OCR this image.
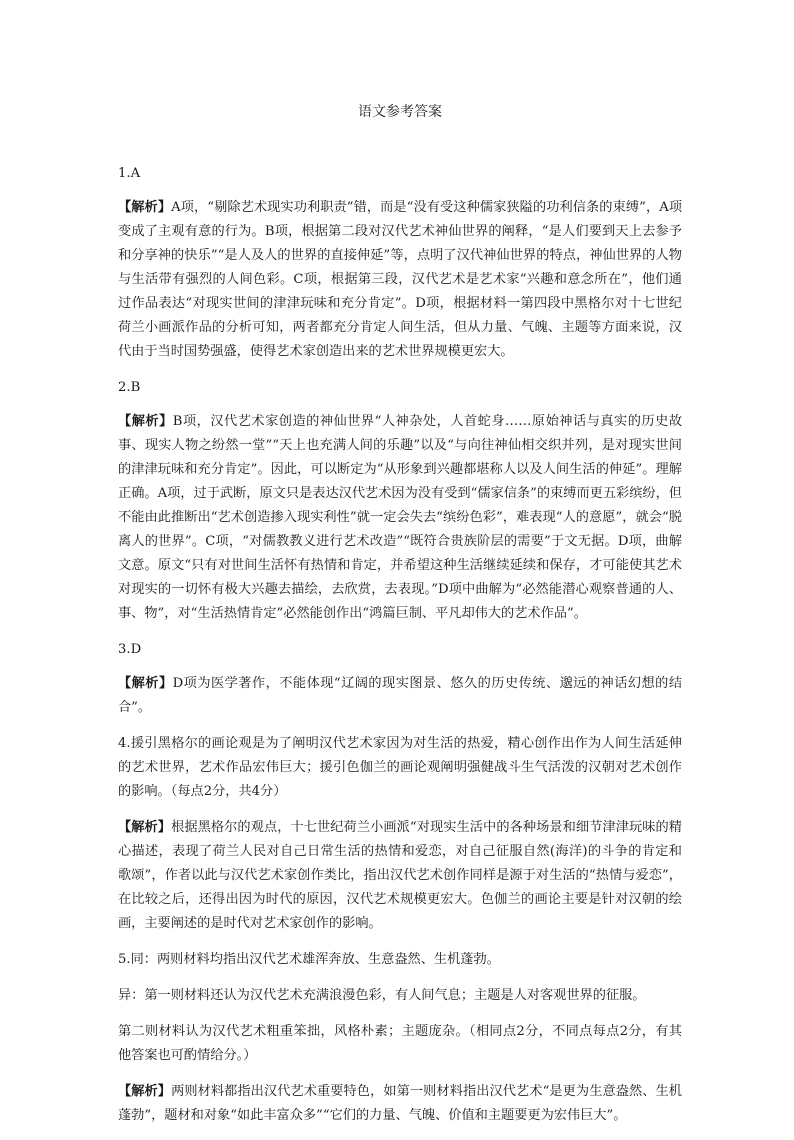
语文参考答案
1.A
【解析】A项，“剔除艺术现实功利职责”错，而是“没有受这种儒家狭隘的功利信条的束缚”，A项变成了主观有意的行为。B项，根据第二段对汉代艺术神仙世界的阐释，“是人们要到天上去参予和分享神的快乐”“是人及人的世界的直接伸延”等，点明了汉代神仙世界的特点，神仙世界的人物与生活带有强烈的人间色彩。C项，根据第三段，汉代艺术是艺术家“兴趣和意念所在”，他们通过作品表达“对现实世间的津津玩味和充分肯定”。D项，根据材料一第四段中黑格尔对十七世纪荷兰小画派作品的分析可知，两者都充分肯定人间生活，但从力量、气魄、主题等方面来说，汉代由于当时国势强盛，使得艺术家创造出来的艺术世界规模更宏大。
2.B
【解析】B项，汉代艺术家创造的神仙世界“人神杂处，人首蛇身……原始神话与真实的历史故事、现实人物之纷然一堂”“天上也充满人间的乐趣”以及“与向往神仙相交织并列，是对现实世间的津津玩味和充分肯定”。因此，可以断定为“从形象到兴趣都堪称人以及人间生活的伸延”。理解正确。A项，过于武断，原文只是表达汉代艺术因为没有受到“儒家信条”的束缚而更五彩缤纷，但不能由此推断出“艺术创造掺入现实利性”就一定会失去“缤纷色彩”，难表现“人的意愿”，就会“脱离人的世界”。C项，“对儒教教义进行艺术改造”“既符合贵族阶层的需要”于文无据。D项，曲解文意。原文“只有对世间生活怀有热情和肯定，并希望这种生活继续延续和保存，才可能使其艺术对现实的一切怀有极大兴趣去描绘，去欣赏，去表现。”D项中曲解为“必然能潜心观察普通的人、事、物”，对“生活热情肯定”必然能创作出“鸿篇巨制、平凡却伟大的艺术作品”。
3.D
【解析】D项为医学著作，不能体现“辽阔的现实图景、悠久的历史传统、邈远的神话幻想的结合”。
4.援引黑格尔的画论观是为了阐明汉代艺术家因为对生活的热爱，精心创作出作为人间生活延伸的艺术世界，艺术作品宏伟巨大；援引色伽兰的画论观阐明强健战斗生气活泼的汉朝对艺术创作的影响。（每点2分，共4分）
【解析】根据黑格尔的观点，十七世纪荷兰小画派“对现实生活中的各种场景和细节津津玩味的精心描述，表现了荷兰人民对自己日常生活的热情和爱恋，对自己征服自然(海洋)的斗争的肯定和歌颂”，作者以此与汉代艺术家创作类比，指出汉代艺术创作同样是源于对生活的“热情与爱恋”，在比较之后，还得出因为时代的原因，汉代艺术规模更宏大。色伽兰的画论主要是针对汉朝的绘画，主要阐述的是时代对艺术家创作的影响。
5.同：两则材料均指出汉代艺术雄浑奔放、生意盎然、生机蓬勃。
异：第一则材料还认为汉代艺术充满浪漫色彩，有人间气息；主题是人对客观世界的征服。
第二则材料认为汉代艺术粗重笨拙，风格朴素；主题庞杂。（相同点2分，不同点每点2分，有其他答案也可酌情给分。）
【解析】两则材料都指出汉代艺术重要特色，如第一则材料指出汉代艺术“是更为生意盎然、生机蓬勃”，题材和对象“如此丰富众多”“它们的力量、气魄、价值和主题要更为宏伟巨大”。
